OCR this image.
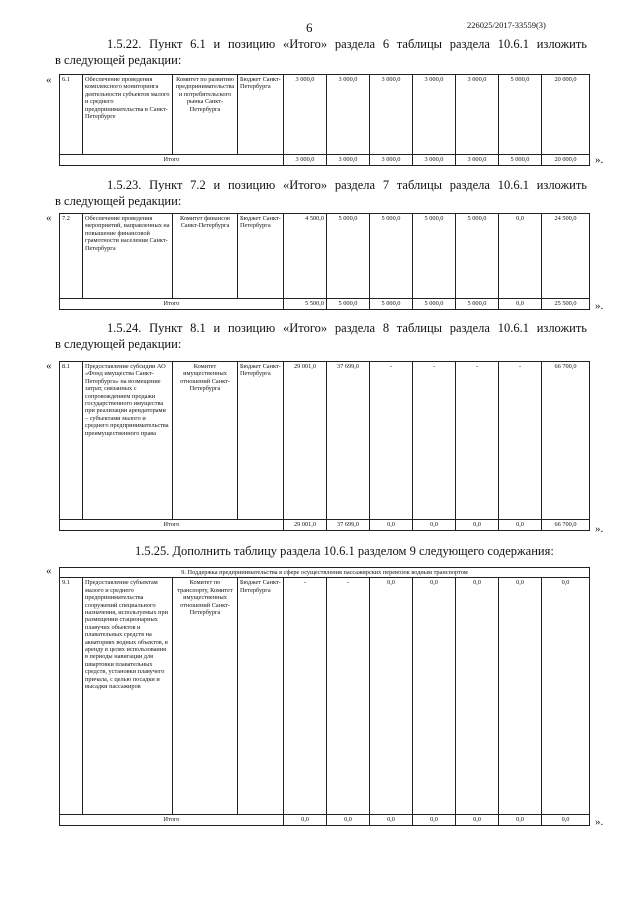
6	226025/2017-33559(3)
1.5.22. Пункт 6.1 и позицию «Итого» раздела 6 таблицы раздела 10.6.1 изложить
в следующей редакции:
« 6.1	Обеспечение проведения комплексного мониторинга деятельности субъектов малого и среднего предпринимательства в Санкт-Петербурге	Комитет по развитию предпринимательства и потребительского рынка Санкт-Петербурга	Бюджет Санкт-Петербурга	3 000,0	3 000,0	3 000,0	3 000,0	3 000,0	5 000,0	20 000,0
Итого				3 000,0	3 000,0	3 000,0	3 000,0	3 000,0	5 000,0	20 000,0 ».
1.5.23. Пункт 7.2 и позицию «Итого» раздела 7 таблицы раздела 10.6.1 изложить
в следующей редакции:
« 7.2	Обеспечение проведения мероприятий, направленных на повышение финансовой грамотности населения Санкт-Петербурга	Комитет финансов Санкт-Петербурга	Бюджет Санкт-Петербурга	4 500,0	5 000,0	5 000,0	5 000,0	5 000,0	0,0	24 500,0
Итого				5 500,0	5 000,0	5 000,0	5 000,0	5 000,0	0,0	25 500,0 ».
1.5.24. Пункт 8.1 и позицию «Итого» раздела 8 таблицы раздела 10.6.1 изложить
в следующей редакции:
« 8.1	Предоставление субсидии АО «Фонд имущества Санкт-Петербурга» на возмещение затрат, связанных с сопровождением продажи государственного имущества при реализации арендаторами – субъектами малого и среднего предпринимательства преимущественного права	Комитет имущественных отношений Санкт-Петербурга	Бюджет Санкт-Петербурга	29 001,0	37 699,0	-	-	-	-	66 700,0
Итого				29 001,0	37 699,0	0,0	0,0	0,0	0,0	66 700,0 ».
1.5.25. Дополнить таблицу раздела 10.6.1 разделом 9 следующего содержания:
«	9. Поддержка предпринимательства в сфере осуществления пассажирских перевозок водным транспортом										
9.1	Предоставление субъектам малого и среднего предпринимательства сооружений специального назначения, используемых при размещении стационарных плавучих объектов и плавательных средств на акваториях водных объектов, в аренду в целях использования в периоды навигации для швартовки плавательных средств, установки плавучего причала, с целью посадки и высадки пассажиров	Комитет по транспорту, Комитет имущественных отношений Санкт-Петербурга	Бюджет Санкт-Петербурга	-	-	0,0	0,0	0,0	0,0	0,0
Итого				0,0	0,0	0,0	0,0	0,0	0,0	0,0 ».
